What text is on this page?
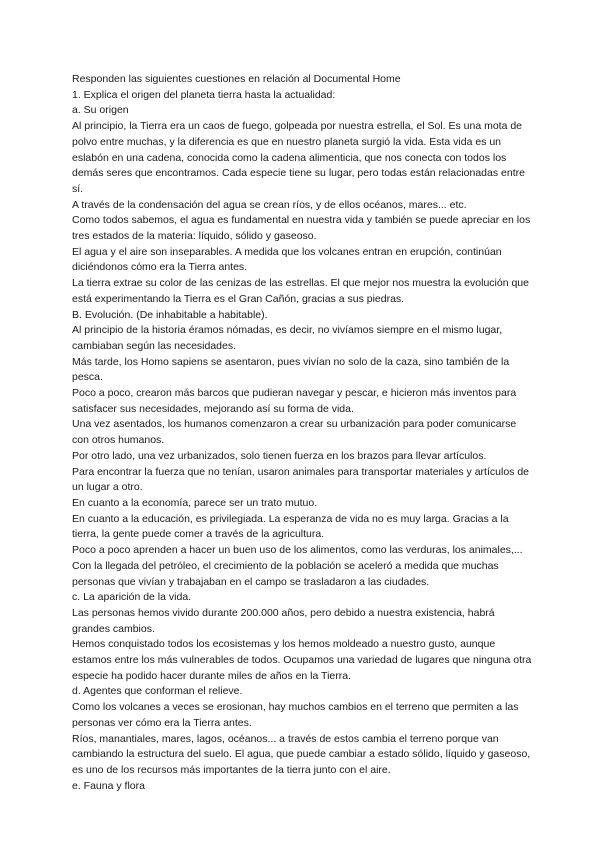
Responden las siguientes cuestiones en relación al Documental Home

1. Explica el origen del planeta tierra hasta la actualidad:

a. Su origen

Al principio, la Tierra era un caos de fuego, golpeada por nuestra estrella, el Sol. Es una mota de polvo entre muchas, y la diferencia es que en nuestro planeta surgió la vida. Esta vida es un eslabón en una cadena, conocida como la cadena alimenticia, que nos conecta con todos los demás seres que encontramos. Cada especie tiene su lugar, pero todas están relacionadas entre sí.

A través de la condensación del agua se crean ríos, y de ellos océanos, mares... etc.

Como todos sabemos, el agua es fundamental en nuestra vida y también se puede apreciar en los tres estados de la materia: líquido, sólido y gaseoso.

El agua y el aire son inseparables. A medida que los volcanes entran en erupción, continúan diciéndonos cómo era la Tierra antes.

La tierra extrae su color de las cenizas de las estrellas. El que mejor nos muestra la evolución que está experimentando la Tierra es el Gran Cañón, gracias a sus piedras.

B. Evolución. (De inhabitable a habitable).

Al principio de la historia éramos nómadas, es decir, no vivíamos siempre en el mismo lugar, cambiaban según las necesidades.

Más tarde, los Homo sapiens se asentaron, pues vivían no solo de la caza, sino también de la pesca.

Poco a poco, crearon más barcos que pudieran navegar y pescar, e hicieron más inventos para satisfacer sus necesidades, mejorando así su forma de vida.

Una vez asentados, los humanos comenzaron a crear su urbanización para poder comunicarse con otros humanos.

Por otro lado, una vez urbanizados, solo tienen fuerza en los brazos para llevar artículos.

Para encontrar la fuerza que no tenían, usaron animales para transportar materiales y artículos de un lugar a otro.

En cuanto a la economía, parece ser un trato mutuo.

En cuanto a la educación, es privilegiada. La esperanza de vida no es muy larga. Gracias a la tierra, la gente puede comer a través de la agricultura.

Poco a poco aprenden a hacer un buen uso de los alimentos, como las verduras, los animales,...

Con la llegada del petróleo, el crecimiento de la población se aceleró a medida que muchas personas que vivían y trabajaban en el campo se trasladaron a las ciudades.

c. La aparición de la vida.

Las personas hemos vivido durante 200.000 años, pero debido a nuestra existencia, habrá grandes cambios.

Hemos conquistado todos los ecosistemas y los hemos moldeado a nuestro gusto, aunque estamos entre los más vulnerables de todos. Ocupamos una variedad de lugares que ninguna otra especie ha podido hacer durante miles de años en la Tierra.

d. Agentes que conforman el relieve.

Como los volcanes a veces se erosionan, hay muchos cambios en el terreno que permiten a las personas ver cómo era la Tierra antes.

Ríos, manantiales, mares, lagos, océanos... a través de estos cambia el terreno porque van cambiando la estructura del suelo. El agua, que puede cambiar a estado sólido, líquido y gaseoso, es uno de los recursos más importantes de la tierra junto con el aire.

e. Fauna y flora
